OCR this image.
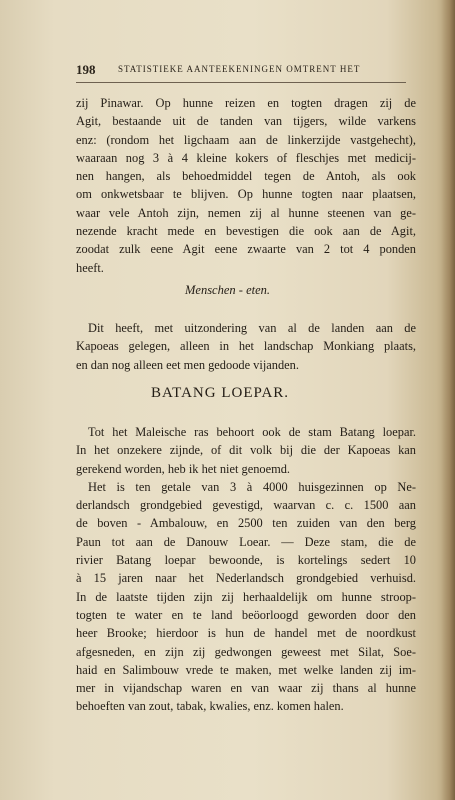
198	STATISTIEKE AANTEEKENINGEN OMTRENT HET
zij Pinawar. Op hunne reizen en togten dragen zij de
Agit, bestaande uit de tanden van tijgers, wilde varkens
enz: (rondom het ligchaam aan de linkerzijde vastgehecht),
waaraan nog 3 à 4 kleine kokers of fleschjes met medicij-
nen hangen, als behoedmiddel tegen de Antoh, als ook
om onkwetsbaar te blijven. Op hunne togten naar plaatsen,
waar vele Antoh zijn, nemen zij al hunne steenen van ge-
nezende kracht mede en bevestigen die ook aan de Agit,
zoodat zulk eene Agit eene zwaarte van 2 tot 4 ponden
heeft.
Menschen - eten.
Dit heeft, met uitzondering van al de landen aan de
Kapoeas gelegen, alleen in het landschap Monkiang plaats,
en dan nog alleen eet men gedoode vijanden.
BATANG LOEPAR.
Tot het Maleische ras behoort ook de stam Batang loepar.
In het onzekere zijnde, of dit volk bij die der Kapoeas kan
gerekend worden, heb ik het niet genoemd.
Het is ten getale van 3 à 4000 huisgezinnen op Ne-
derlandsch grondgebied gevestigd, waarvan c. c. 1500 aan
de boven - Ambalouw, en 2500 ten zuiden van den berg
Paun tot aan de Danouw Loear. — Deze stam, die de
rivier Batang loepar bewoonde, is kortelings sedert 10
à 15 jaren naar het Nederlandsch grondgebied verhuisd.
In de laatste tijden zijn zij herhaaldelijk om hunne stroop-
togten te water en te land beöorloogd geworden door den
heer Brooke; hierdoor is hun de handel met de noordkust
afgesneden, en zijn zij gedwongen geweest met Silat, Soe-
haid en Salimbouw vrede te maken, met welke landen zij im-
mer in vijandschap waren en van waar zij thans al hunne
behoeften van zout, tabak, kwalies, enz. komen halen.
